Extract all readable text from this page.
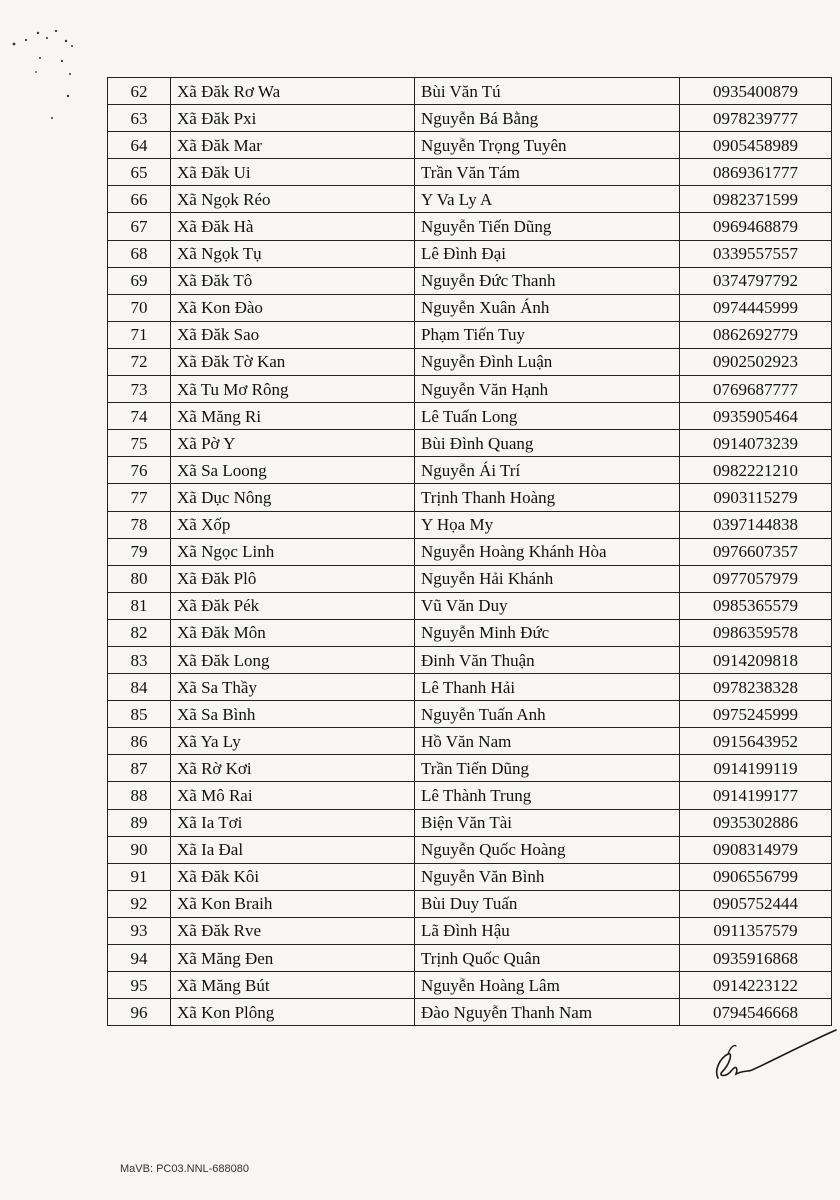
62	Xã Đăk Rơ Wa	Bùi Văn Tú	0935400879
63	Xã Đăk Pxi	Nguyễn Bá Bằng	0978239777
64	Xã Đăk Mar	Nguyễn Trọng Tuyên	0905458989
65	Xã Đăk Ui	Trần Văn Tám	0869361777
66	Xã Ngọk Réo	Y Va Ly A	0982371599
67	Xã Đăk Hà	Nguyễn Tiến Dũng	0969468879
68	Xã Ngọk Tụ	Lê Đình Đại	0339557557
69	Xã Đăk Tô	Nguyễn Đức Thanh	0374797792
70	Xã Kon Đào	Nguyễn Xuân Ánh	0974445999
71	Xã Đăk Sao	Phạm Tiến Tuy	0862692779
72	Xã Đăk Tờ Kan	Nguyễn Đình Luận	0902502923
73	Xã Tu Mơ Rông	Nguyễn Văn Hạnh	0769687777
74	Xã Măng Ri	Lê Tuấn Long	0935905464
75	Xã Pờ Y	Bùi Đình Quang	0914073239
76	Xã Sa Loong	Nguyễn Ái Trí	0982221210
77	Xã Dục Nông	Trịnh Thanh Hoàng	0903115279
78	Xã Xốp	Y Họa My	0397144838
79	Xã Ngọc Linh	Nguyễn Hoàng Khánh Hòa	0976607357
80	Xã Đăk Plô	Nguyễn Hải Khánh	0977057979
81	Xã Đăk Pék	Vũ Văn Duy	0985365579
82	Xã Đăk Môn	Nguyễn Minh Đức	0986359578
83	Xã Đăk Long	Đinh Văn Thuận	0914209818
84	Xã Sa Thầy	Lê Thanh Hải	0978238328
85	Xã Sa Bình	Nguyễn Tuấn Anh	0975245999
86	Xã Ya Ly	Hồ Văn Nam	0915643952
87	Xã Rờ Kơi	Trần Tiến Dũng	0914199119
88	Xã Mô Rai	Lê Thành Trung	0914199177
89	Xã Ia Tơi	Biện Văn Tài	0935302886
90	Xã Ia Đal	Nguyễn Quốc Hoàng	0908314979
91	Xã Đăk Kôi	Nguyễn Văn Bình	0906556799
92	Xã Kon Braih	Bùi Duy Tuấn	0905752444
93	Xã Đăk Rve	Lã Đình Hậu	0911357579
94	Xã Măng Đen	Trịnh Quốc Quân	0935916868
95	Xã Măng Bút	Nguyễn Hoàng Lâm	0914223122
96	Xã Kon Plông	Đào Nguyễn Thanh Nam	0794546668
MaVB: PC03.NNL-688080
